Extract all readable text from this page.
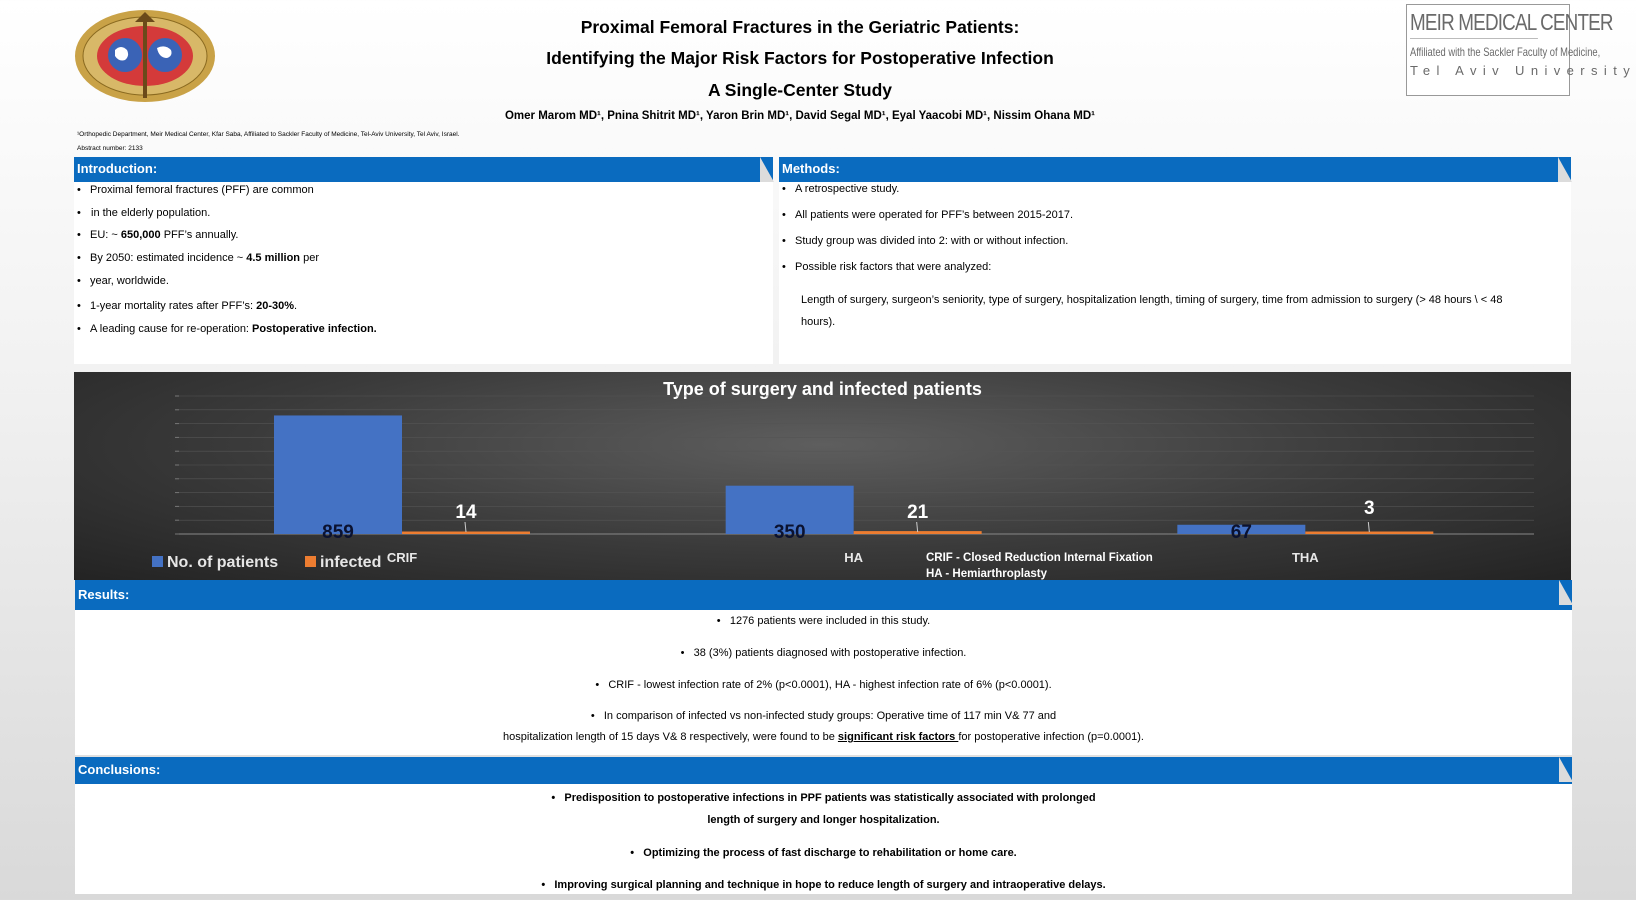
MEIR MEDICAL CENTER
Affiliated with the Sackler Faculty of Medicine,
Tel Aviv University
Proximal Femoral Fractures in the Geriatric Patients:
Identifying the Major Risk Factors for Postoperative Infection
A Single-Center Study
Omer Marom MD¹, Pnina Shitrit MD¹, Yaron Brin MD¹, David Segal MD¹, Eyal Yaacobi MD¹, Nissim Ohana MD¹
¹Orthopedic Department, Meir Medical Center, Kfar Saba, Affiliated to Sackler Faculty of Medicine, Tel-Aviv University, Tel Aviv, Israel.
Abstract number: 2133
Introduction:
• Proximal femoral fractures (PFF) are common
• in the elderly population.
• EU: ~ 650,000 PFF’s annually.
• By 2050: estimated incidence ~ 4.5 million per
• year, worldwide.
• 1-year mortality rates after PFF’s: 20-30%.
• A leading cause for re-operation: Postoperative infection.
Methods:
• A retrospective study.
• All patients were operated for PFF’s between 2015-2017.
• Study group was divided into 2: with or without infection.
• Possible risk factors that were analyzed:
Length of surgery, surgeon’s seniority, type of surgery, hospitalization length, timing of surgery, time from admission to surgery (> 48 hours \ < 48
hours).
Type of surgery and infected patients
859
14
CRIF
350
21
HA
67
3
THA
No. of patients	infected	CRIF - Closed Reduction Internal Fixation
HA - Hemiarthroplasty
Results:
•   1276 patients were included in this study.
•   38 (3%) patients diagnosed with postoperative infection.
•   CRIF - lowest infection rate of 2% (p<0.0001), HA - highest infection rate of 6% (p<0.0001).
•   In comparison of infected vs non-infected study groups: Operative time of 117 min V& 77 and
hospitalization length of 15 days V& 8 respectively, were found to be significant risk factors for postoperative infection (p=0.0001).
Conclusions:
•   Predisposition to postoperative infections in PPF patients was statistically associated with prolonged
length of surgery and longer hospitalization.
•   Optimizing the process of fast discharge to rehabilitation or home care.
•   Improving surgical planning and technique in hope to reduce length of surgery and intraoperative delays.
